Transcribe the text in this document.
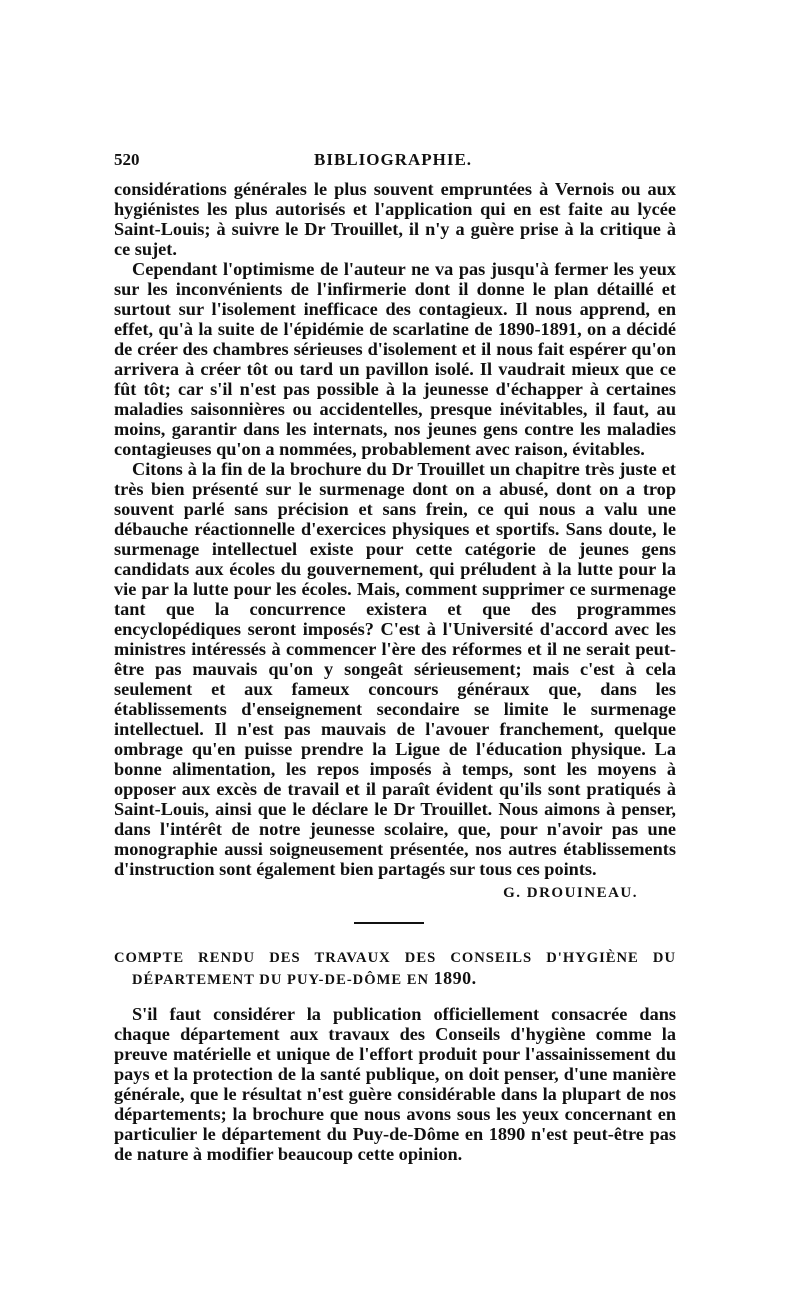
520	BIBLIOGRAPHIE.

considérations générales le plus souvent empruntées à Vernois ou aux hygiénistes les plus autorisés et l'application qui en est faite au lycée Saint-Louis; à suivre le Dr Trouillet, il n'y a guère prise à la critique à ce sujet.

Cependant l'optimisme de l'auteur ne va pas jusqu'à fermer les yeux sur les inconvénients de l'infirmerie dont il donne le plan détaillé et surtout sur l'isolement inefficace des contagieux. Il nous apprend, en effet, qu'à la suite de l'épidémie de scarlatine de 1890-1891, on a décidé de créer des chambres sérieuses d'isolement et il nous fait espérer qu'on arrivera à créer tôt ou tard un pavillon isolé. Il vaudrait mieux que ce fût tôt; car s'il n'est pas possible à la jeunesse d'échapper à certaines maladies saisonnières ou accidentelles, presque inévitables, il faut, au moins, garantir dans les internats, nos jeunes gens contre les maladies contagieuses qu'on a nommées, probablement avec raison, évitables.

Citons à la fin de la brochure du Dr Trouillet un chapitre très juste et très bien présenté sur le surmenage dont on a abusé, dont on a trop souvent parlé sans précision et sans frein, ce qui nous a valu une débauche réactionnelle d'exercices physiques et sportifs. Sans doute, le surmenage intellectuel existe pour cette catégorie de jeunes gens candidats aux écoles du gouvernement, qui préludent à la lutte pour la vie par la lutte pour les écoles. Mais, comment supprimer ce surmenage tant que la concurrence existera et que des programmes encyclopédiques seront imposés? C'est à l'Université d'accord avec les ministres intéressés à commencer l'ère des réformes et il ne serait peut-être pas mauvais qu'on y songeât sérieusement; mais c'est à cela seulement et aux fameux concours généraux que, dans les établissements d'enseignement secondaire se limite le surmenage intellectuel. Il n'est pas mauvais de l'avouer franchement, quelque ombrage qu'en puisse prendre la Ligue de l'éducation physique. La bonne alimentation, les repos imposés à temps, sont les moyens à opposer aux excès de travail et il paraît évident qu'ils sont pratiqués à Saint-Louis, ainsi que le déclare le Dr Trouillet. Nous aimons à penser, dans l'intérêt de notre jeunesse scolaire, que, pour n'avoir pas une monographie aussi soigneusement présentée, nos autres établissements d'instruction sont également bien partagés sur tous ces points.

G. DROUINEAU.
COMPTE RENDU DES TRAVAUX DES CONSEILS D'HYGIÈNE DU DÉPARTEMENT DU PUY-DE-DÔME EN 1890.

S'il faut considérer la publication officiellement consacrée dans chaque département aux travaux des Conseils d'hygiène comme la preuve matérielle et unique de l'effort produit pour l'assainissement du pays et la protection de la santé publique, on doit penser, d'une manière générale, que le résultat n'est guère considérable dans la plupart de nos départements; la brochure que nous avons sous les yeux concernant en particulier le département du Puy-de-Dôme en 1890 n'est peut-être pas de nature à modifier beaucoup cette opinion.
